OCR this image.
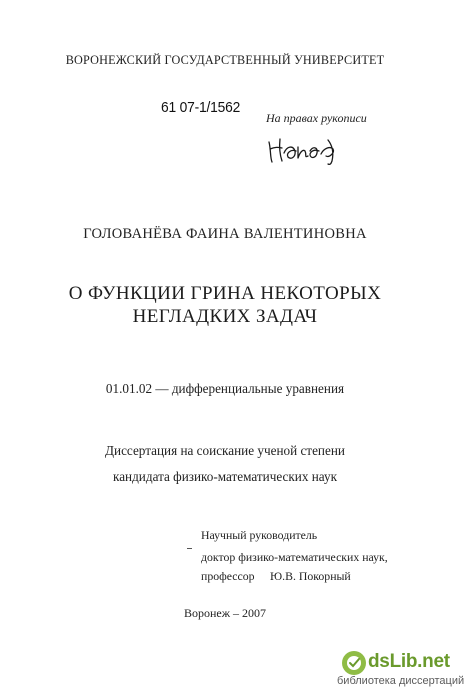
ВОРОНЕЖСКИЙ ГОСУДАРСТВЕННЫЙ УНИВЕРСИТЕТ
61 07-1/1562
На правах рукописи
ГОЛОВАНЁВА ФАИНА ВАЛЕНТИНОВНА
О ФУНКЦИИ ГРИНА НЕКОТОРЫХ
НЕГЛАДКИХ ЗАДАЧ
01.01.02 — дифференциальные уравнения
Диссертация на соискание ученой степени
кандидата физико-математических наук
Научный руководитель
доктор физико-математических наук,
профессор Ю.В. Покорный
Воронеж – 2007
dsLib.net
библиотека диссертаций
